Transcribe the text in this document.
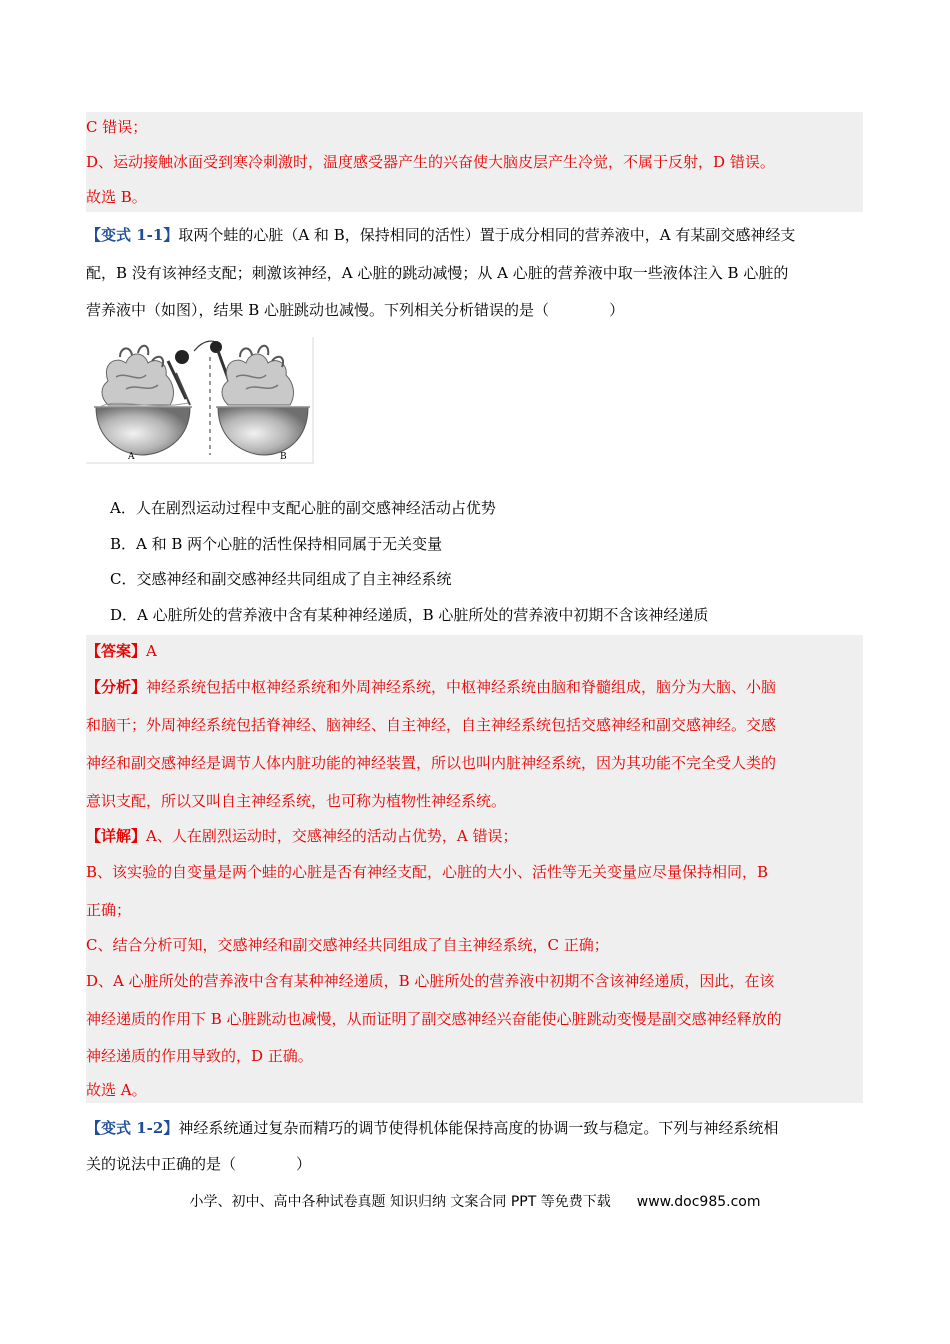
C 错误；
D、运动接触冰面受到寒冷刺激时，温度感受器产生的兴奋使大脑皮层产生冷觉，不属于反射，D 错误。
故选 B。
【变式 1-1】取两个蛙的心脏（A 和 B，保持相同的活性）置于成分相同的营养液中，A 有某副交感神经支
配，B 没有该神经支配；刺激该神经，A 心脏的跳动减慢；从 A 心脏的营养液中取一些液体注入 B 心脏的
营养液中（如图），结果 B 心脏跳动也减慢。下列相关分析错误的是（　　　　）
A	B
A．人在剧烈运动过程中支配心脏的副交感神经活动占优势
B．A 和 B 两个心脏的活性保持相同属于无关变量
C．交感神经和副交感神经共同组成了自主神经系统
D．A 心脏所处的营养液中含有某种神经递质，B 心脏所处的营养液中初期不含该神经递质
【答案】A
【分析】神经系统包括中枢神经系统和外周神经系统，中枢神经系统由脑和脊髓组成，脑分为大脑、小脑
和脑干；外周神经系统包括脊神经、脑神经、自主神经，自主神经系统包括交感神经和副交感神经。交感
神经和副交感神经是调节人体内脏功能的神经装置，所以也叫内脏神经系统，因为其功能不完全受人类的
意识支配，所以又叫自主神经系统，也可称为植物性神经系统。
【详解】A、人在剧烈运动时，交感神经的活动占优势，A 错误；
B、该实验的自变量是两个蛙的心脏是否有神经支配，心脏的大小、活性等无关变量应尽量保持相同，B
正确；
C、结合分析可知，交感神经和副交感神经共同组成了自主神经系统，C 正确；
D、A 心脏所处的营养液中含有某种神经递质，B 心脏所处的营养液中初期不含该神经递质，因此，在该
神经递质的作用下 B 心脏跳动也减慢，从而证明了副交感神经兴奋能使心脏跳动变慢是副交感神经释放的
神经递质的作用导致的，D 正确。
故选 A。
【变式 1-2】神经系统通过复杂而精巧的调节使得机体能保持高度的协调一致与稳定。下列与神经系统相
关的说法中正确的是（　　　　）
小学、初中、高中各种试卷真题 知识归纳 文案合同 PPT 等免费下载 www.doc985.com
